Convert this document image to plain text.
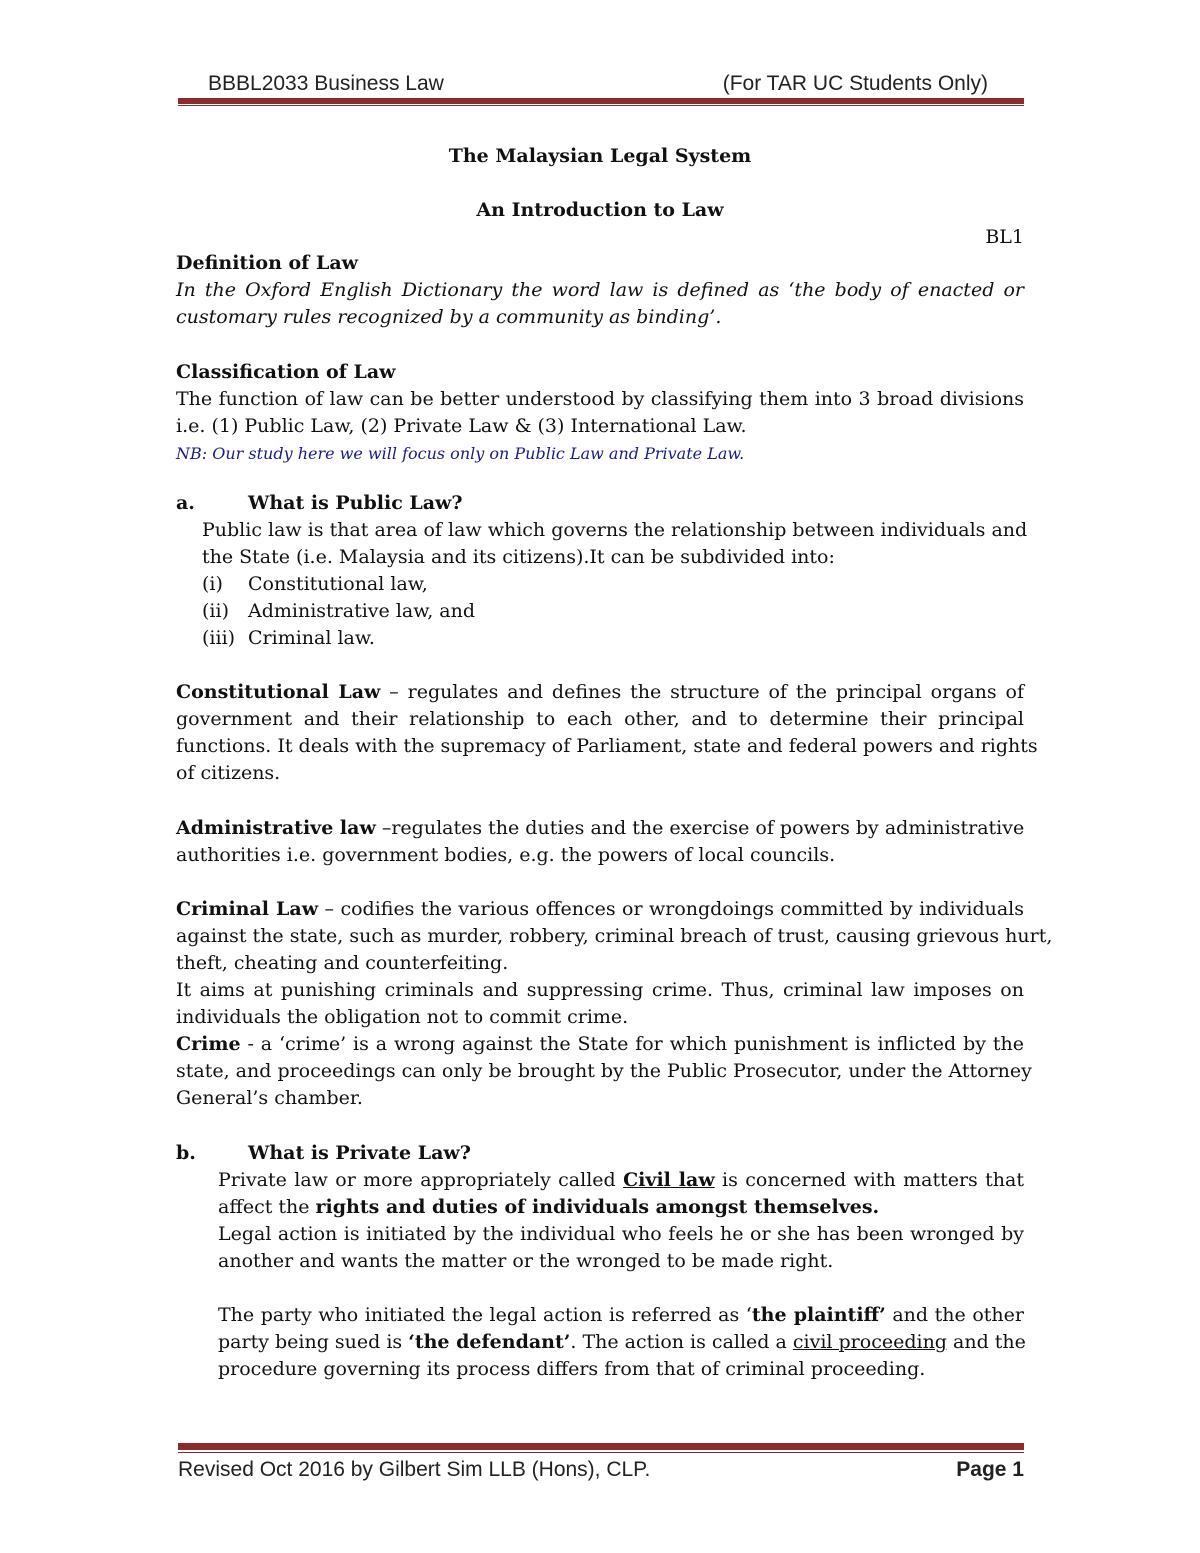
BBBL2033 Business Law	(For TAR UC Students Only)
The Malaysian Legal System
An Introduction to Law
BL1
Definition of Law
In the Oxford English Dictionary the word law is defined as ‘the body of enacted or
customary rules recognized by a community as binding’.
Classification of Law
The function of law can be better understood by classifying them into 3 broad divisions
i.e. (1) Public Law, (2) Private Law & (3) International Law.
NB: Our study here we will focus only on Public Law and Private Law.
a.	What is Public Law?
Public law is that area of law which governs the relationship between individuals and
the State (i.e. Malaysia and its citizens).It can be subdivided into:
(i) Constitutional law,
(ii) Administrative law, and
(iii) Criminal law.
Constitutional Law – regulates and defines the structure of the principal organs of
government and their relationship to each other, and to determine their principal
functions. It deals with the supremacy of Parliament, state and federal powers and rights
of citizens.
Administrative law –regulates the duties and the exercise of powers by administrative
authorities i.e. government bodies, e.g. the powers of local councils.
Criminal Law – codifies the various offences or wrongdoings committed by individuals
against the state, such as murder, robbery, criminal breach of trust, causing grievous hurt,
theft, cheating and counterfeiting.
It aims at punishing criminals and suppressing crime. Thus, criminal law imposes on
individuals the obligation not to commit crime.
Crime - a ‘crime’ is a wrong against the State for which punishment is inflicted by the
state, and proceedings can only be brought by the Public Prosecutor, under the Attorney
General’s chamber.
b.	What is Private Law?
Private law or more appropriately called Civil law is concerned with matters that
affect the rights and duties of individuals amongst themselves.
Legal action is initiated by the individual who feels he or she has been wronged by
another and wants the matter or the wronged to be made right.
The party who initiated the legal action is referred as ‘the plaintiff’ and the other
party being sued is ‘the defendant’. The action is called a civil proceeding and the
procedure governing its process differs from that of criminal proceeding.
Revised Oct 2016 by Gilbert Sim LLB (Hons), CLP.	Page 1
